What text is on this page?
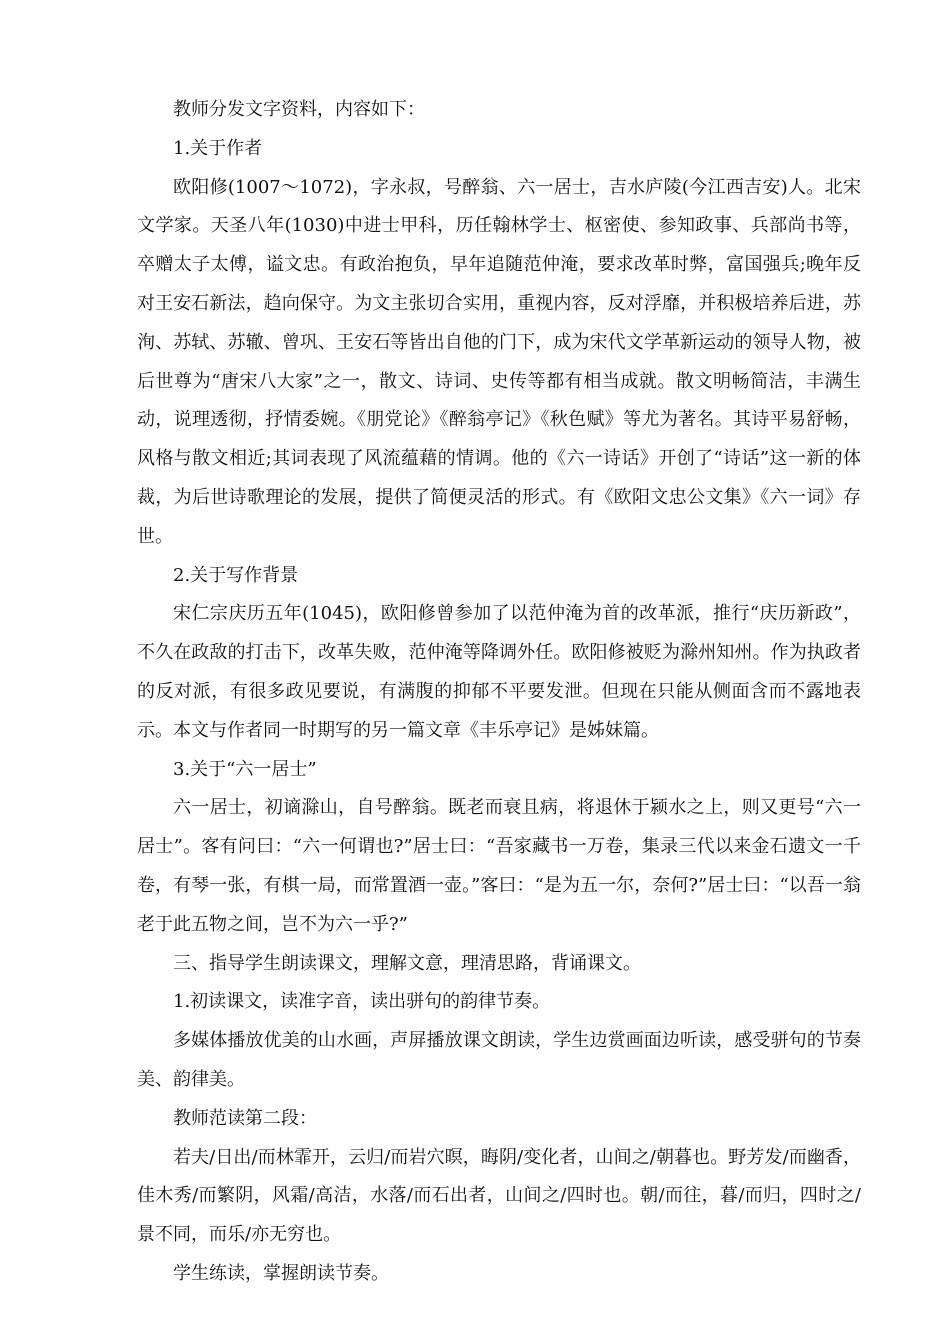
教师分发文字资料，内容如下：

1.关于作者

欧阳修(1007～1072)，字永叔，号醉翁、六一居士，吉水庐陵(今江西吉安)人。北宋文学家。天圣八年(1030)中进士甲科，历任翰林学士、枢密使、参知政事、兵部尚书等，卒赠太子太傅，谥文忠。有政治抱负，早年追随范仲淹，要求改革时弊，富国强兵;晚年反对王安石新法，趋向保守。为文主张切合实用，重视内容，反对浮靡，并积极培养后进，苏洵、苏轼、苏辙、曾巩、王安石等皆出自他的门下，成为宋代文学革新运动的领导人物，被后世尊为“唐宋八大家”之一，散文、诗词、史传等都有相当成就。散文明畅简洁，丰满生动，说理透彻，抒情委婉。《朋党论》《醉翁亭记》《秋色赋》等尤为著名。其诗平易舒畅，风格与散文相近;其词表现了风流蕴藉的情调。他的《六一诗话》开创了“诗话”这一新的体裁，为后世诗歌理论的发展，提供了简便灵活的形式。有《欧阳文忠公文集》《六一词》存世。

2.关于写作背景

宋仁宗庆历五年(1045)，欧阳修曾参加了以范仲淹为首的改革派，推行“庆历新政”，不久在政敌的打击下，改革失败，范仲淹等降调外任。欧阳修被贬为滁州知州。作为执政者的反对派，有很多政见要说，有满腹的抑郁不平要发泄。但现在只能从侧面含而不露地表示。本文与作者同一时期写的另一篇文章《丰乐亭记》是姊妹篇。

3.关于“六一居士”

六一居士，初谪滁山，自号醉翁。既老而衰且病，将退休于颍水之上，则又更号“六一居士”。客有问曰：“六一何谓也?”居士曰：“吾家藏书一万卷，集录三代以来金石遗文一千卷，有琴一张，有棋一局，而常置酒一壶。”客曰：“是为五一尔，奈何?”居士曰：“以吾一翁老于此五物之间，岂不为六一乎?”

三、指导学生朗读课文，理解文意，理清思路，背诵课文。

1.初读课文，读准字音，读出骈句的韵律节奏。

多媒体播放优美的山水画，声屏播放课文朗读，学生边赏画面边听读，感受骈句的节奏美、韵律美。

教师范读第二段：

若夫/日出/而林霏开，云归/而岩穴暝，晦阴/变化者，山间之/朝暮也。野芳发/而幽香，佳木秀/而繁阴，风霜/高洁，水落/而石出者，山间之/四时也。朝/而往，暮/而归，四时之/景不同，而乐/亦无穷也。

学生练读，掌握朗读节奏。
